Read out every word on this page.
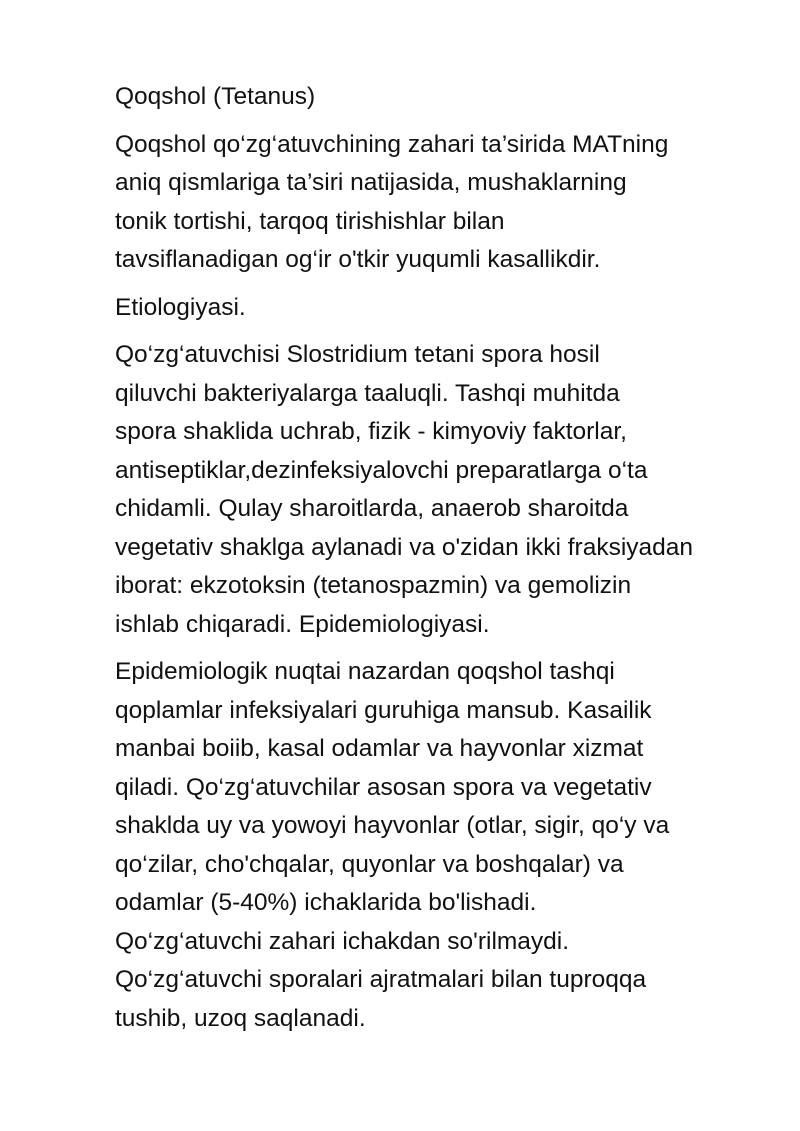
Qoqshol (Tetanus)

Qoqshol qo‘zg‘atuvchining zahari ta’sirida MATning
aniq qismlariga ta’siri natijasida, mushaklarning
tonik tortishi, tarqoq tirishishlar bilan
tavsiflanadigan og‘ir o'tkir yuqumli kasallikdir.

Etiologiyasi.

Qo‘zg‘atuvchisi Slostridium tetani spora hosil
qiluvchi bakteriyalarga taaluqli. Tashqi muhitda
spora shaklida uchrab, fizik - kimyoviy faktorlar,
antiseptiklar,dezinfeksiyalovchi preparatlarga o‘ta
chidamli. Qulay sharoitlarda, anaerob sharoitda
vegetativ shaklga aylanadi va o'zidan ikki fraksiyadan
iborat: ekzotoksin (tetanospazmin) va gemolizin
ishlab chiqaradi. Epidemiologiyasi.

Epidemiologik nuqtai nazardan qoqshol tashqi
qoplamlar infeksiyalari guruhiga mansub. Kasailik
manbai boiib, kasal odamlar va hayvonlar xizmat
qiladi. Qo‘zg‘atuvchilar asosan spora va vegetativ
shaklda uy va yowoyi hayvonlar (otlar, sigir, qo‘y va
qo‘zilar, cho'chqalar, quyonlar va boshqalar) va
odamlar (5-40%) ichaklarida bo'lishadi.
Qo‘zg‘atuvchi zahari ichakdan so'rilmaydi.
Qo‘zg‘atuvchi sporalari ajratmalari bilan tuproqqa
tushib, uzoq saqlanadi.
